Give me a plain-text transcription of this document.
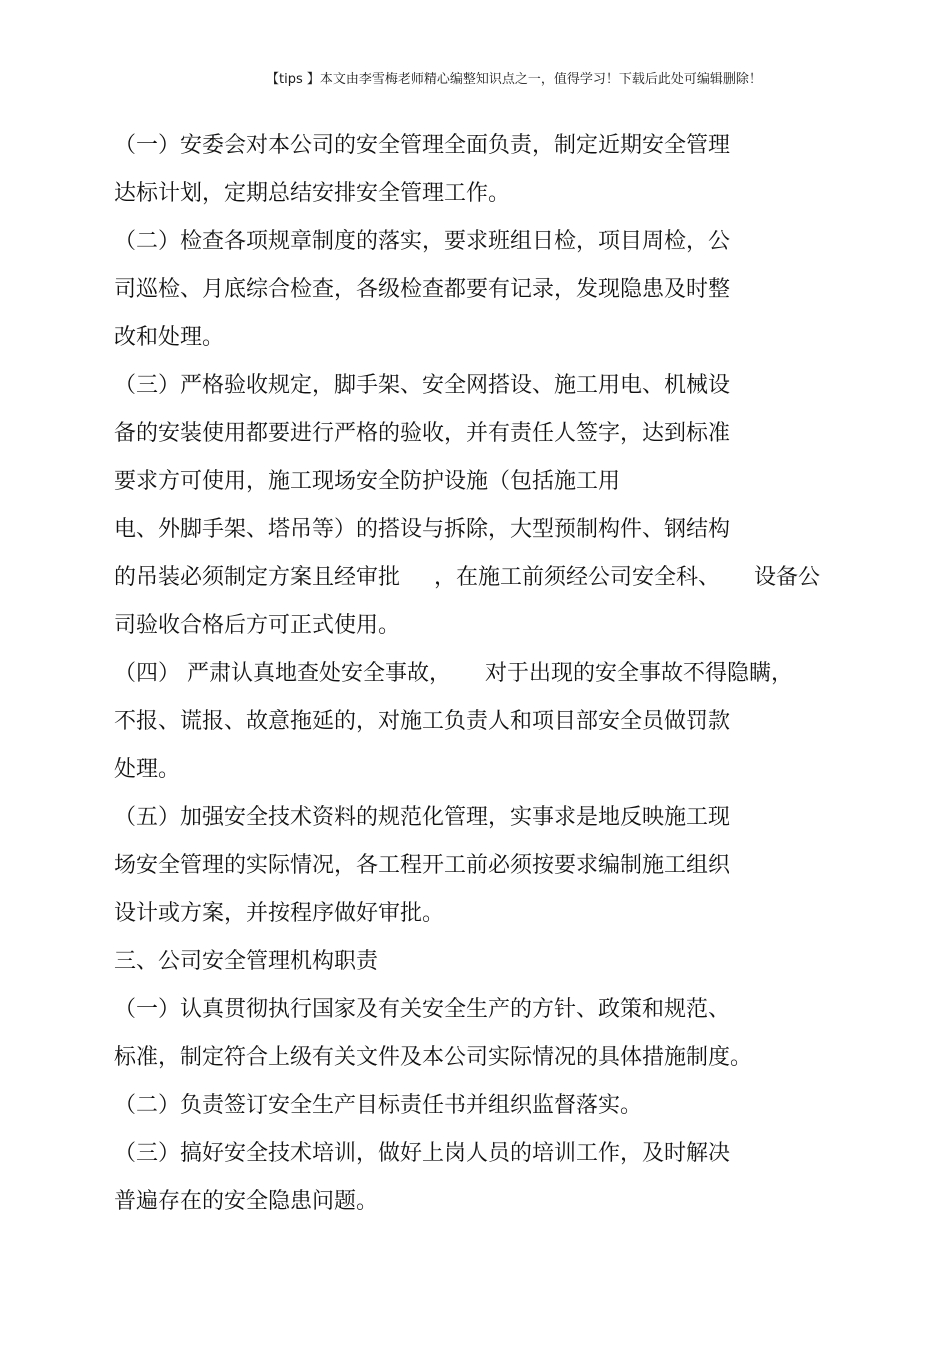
【tips 】本文由李雪梅老师精心编整知识点之一，值得学习！下载后此处可编辑删除！
（一）安委会对本公司的安全管理全面负责，制定近期安全管理
达标计划，定期总结安排安全管理工作。
（二）检查各项规章制度的落实，要求班组日检，项目周检，公
司巡检、月底综合检查，各级检查都要有记录，发现隐患及时整
改和处理。
（三）严格验收规定，脚手架、安全网搭设、施工用电、机械设
备的安装使用都要进行严格的验收，并有责任人签字，达到标准
要求方可使用，施工现场安全防护设施（包括施工用
电、外脚手架、塔吊等）的搭设与拆除，大型预制构件、钢结构
的吊装必须制定方案且经审批 ，在施工前须经公司安全科、 设备公
司验收合格后方可正式使用。
（四） 严肃认真地查处安全事故， 对于出现的安全事故不得隐瞒，
不报、谎报、故意拖延的，对施工负责人和项目部安全员做罚款
处理。
（五）加强安全技术资料的规范化管理，实事求是地反映施工现
场安全管理的实际情况，各工程开工前必须按要求编制施工组织
设计或方案，并按程序做好审批。
三、公司安全管理机构职责
（一）认真贯彻执行国家及有关安全生产的方针、政策和规范、
标准，制定符合上级有关文件及本公司实际情况的具体措施制度。
（二）负责签订安全生产目标责任书并组织监督落实。
（三）搞好安全技术培训，做好上岗人员的培训工作，及时解决
普遍存在的安全隐患问题。
